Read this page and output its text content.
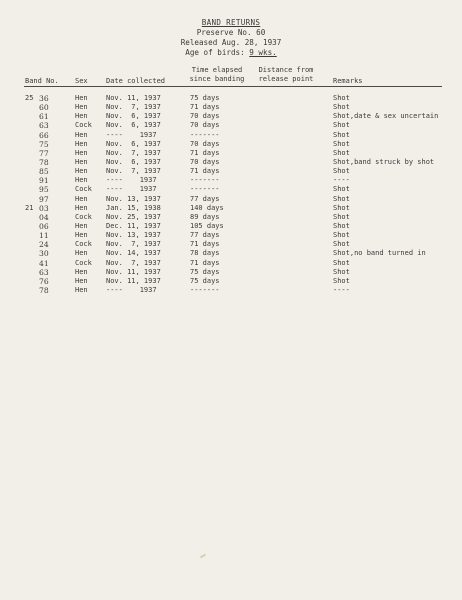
BAND RETURNS
Preserve No. 60
Released Aug. 28, 1937
Age of birds: 9 wks.
Band No. Sex	Date collected
Time elapsed
since banding
Distance from
release point	Remarks
25 36	Hen	Nov. 11, 1937	75 days	Shot
60	Hen	Nov.  7, 1937	71 days	Shot
61	Hen	Nov.  6, 1937	70 days	Shot,date & sex uncertain
63	Cock Nov.  6, 1937	70 days	Shot
66	Hen	----    1937	-------	Shot
75	Hen	Nov.  6, 1937	70 days	Shot
77	Hen	Nov.  7, 1937	71 days	Shot
78	Hen	Nov.  6, 1937	70 days	Shot,band struck by shot
85	Hen	Nov.  7, 1937	71 days	Shot
91	Hen	----    1937	-------	----
95	Cock ----    1937	-------	Shot
97	Hen	Nov. 13, 1937	77 days	Shot
21 03	Hen	Jan. 15, 1938	140 days	Shot
04	Cock Nov. 25, 1937	89 days	Shot
06	Hen	Dec. 11, 1937	105 days	Shot
11	Hen	Nov. 13, 1937	77 days	Shot
24	Cock Nov.  7, 1937	71 days	Shot
30	Hen	Nov. 14, 1937	78 days	Shot,no band turned in
41	Cock Nov.  7, 1937	71 days	Shot
63	Hen	Nov. 11, 1937	75 days	Shot
76	Hen	Nov. 11, 1937	75 days	Shot
78	Hen	----    1937	-------	----
